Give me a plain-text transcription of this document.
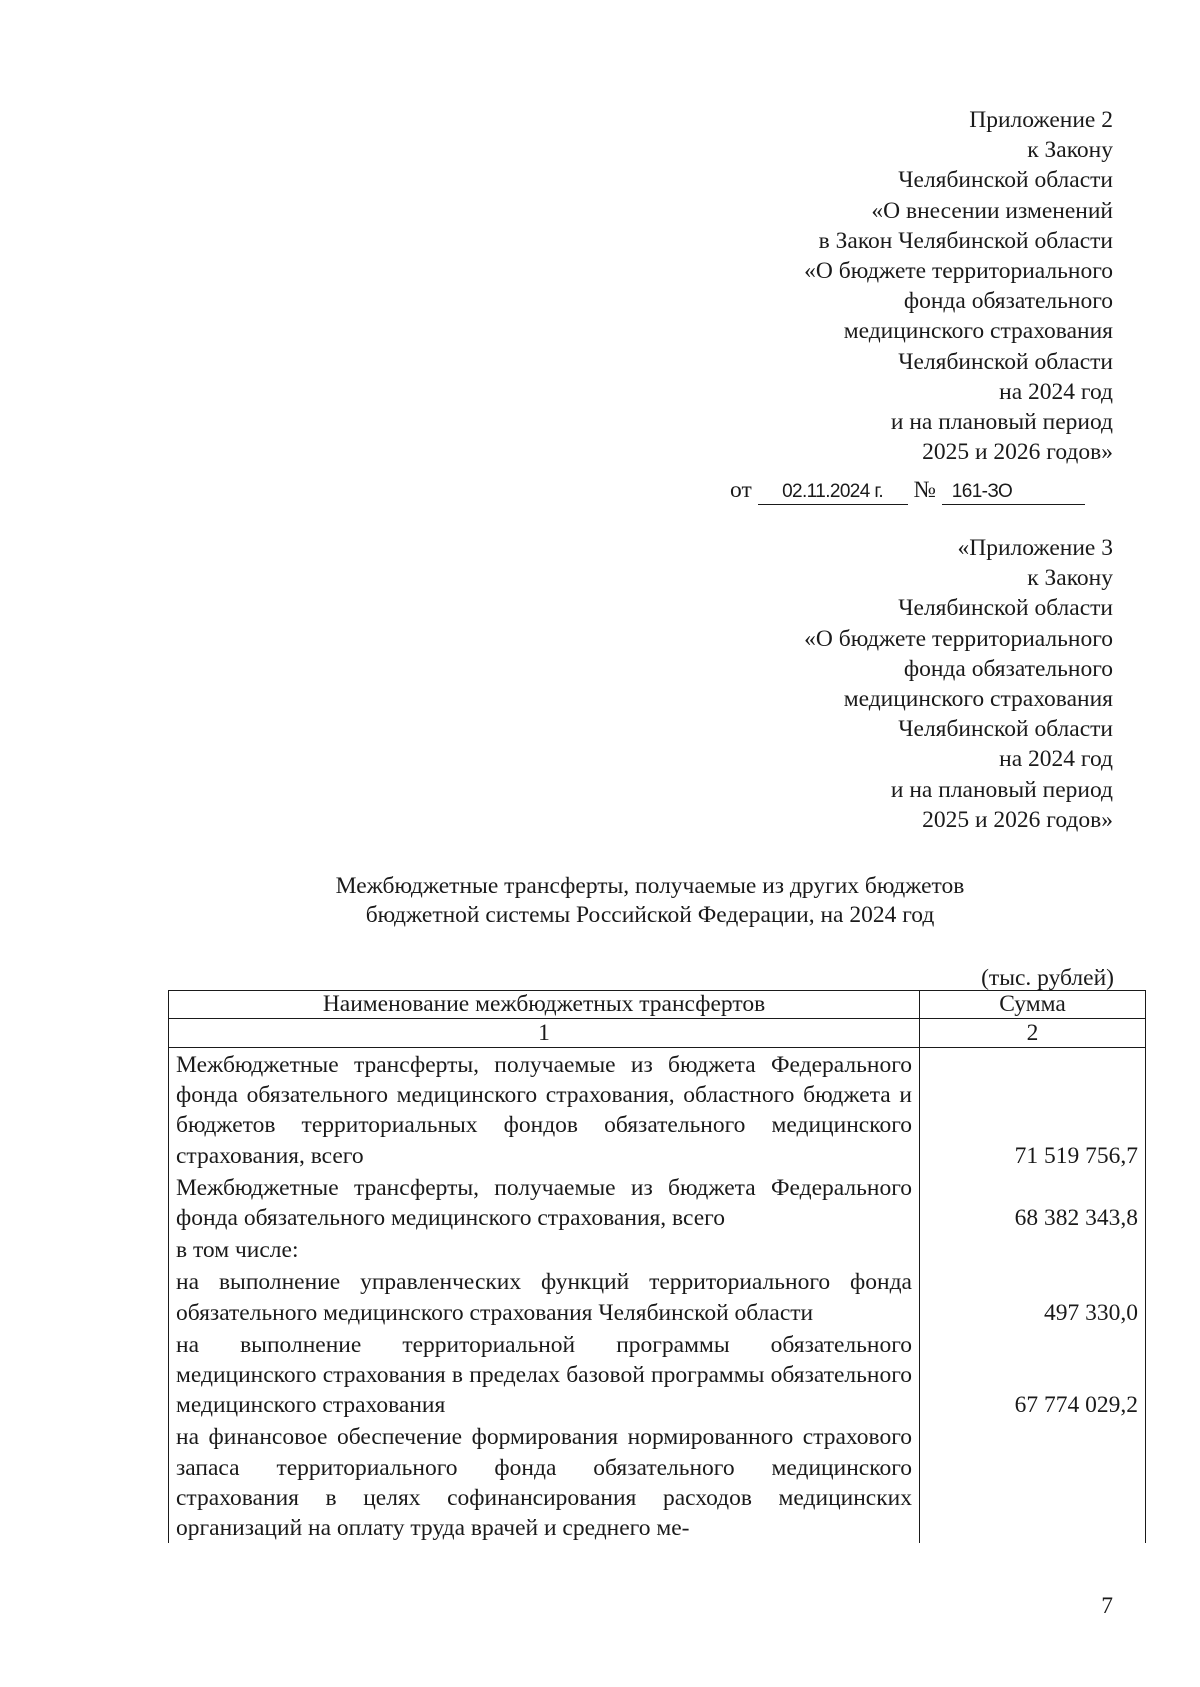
Приложение 2
к Закону
Челябинской области
«О внесении изменений
в Закон Челябинской области
«О бюджете территориального
фонда обязательного
медицинского страхования
Челябинской области
на 2024 год
и на плановый период
2025 и 2026 годов»
от 02.11.2024 г. № 161-ЗО
«Приложение 3
к Закону
Челябинской области
«О бюджете территориального
фонда обязательного
медицинского страхования
Челябинской области
на 2024 год
и на плановый период
2025 и 2026 годов»
Межбюджетные трансферты, получаемые из других бюджетов
бюджетной системы Российской Федерации, на 2024 год
(тыс. рублей)
Наименование межбюджетных трансфертов	Сумма
1	2
Межбюджетные трансферты, получаемые из бюджета Федерального фонда обязательного медицинского страхования, областного бюджета и бюджетов территориальных фондов обязательного медицинского страхования, всего	71 519 756,7
Межбюджетные трансферты, получаемые из бюджета Федерального фонда обязательного медицинского страхования, всего	68 382 343,8
в том числе:	
на выполнение управленческих функций территориального фонда обязательного медицинского страхования Челябинской области	497 330,0
на выполнение территориальной программы обязательного медицинского страхования в пределах базовой программы обязательного медицинского страхования	67 774 029,2
на финансовое обеспечение формирования нормированного страхового запаса территориального фонда обязательного медицинского страхования в целях софинансирования расходов медицинских организаций на оплату труда врачей и среднего ме-	
7
